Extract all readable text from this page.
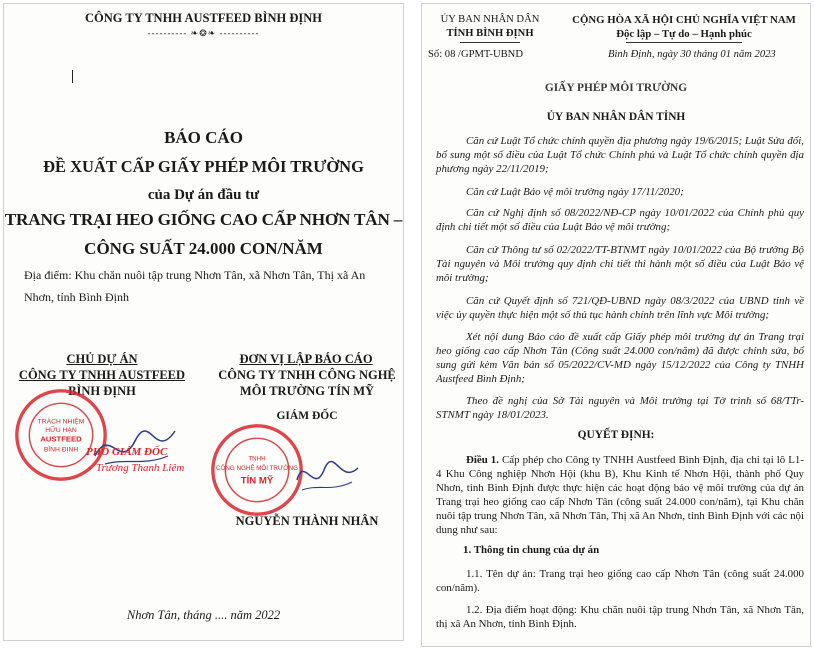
CÔNG TY TNHH AUSTFEED BÌNH ĐỊNH
---------- ❧❂❧ ----------
BÁO CÁO
ĐỀ XUẤT CẤP GIẤY PHÉP MÔI TRƯỜNG
của Dự án đầu tư
TRANG TRẠI HEO GIỐNG CAO CẤP NHƠN TÂN –
CÔNG SUẤT 24.000 CON/NĂM
Địa điểm: Khu chăn nuôi tập trung Nhơn Tân, xã Nhơn Tân, Thị xã An
Nhơn, tỉnh Bình Định
CHỦ DỰ ÁN
CÔNG TY TNHH AUSTFEED
BÌNH ĐỊNH
ĐƠN VỊ LẬP BÁO CÁO
CÔNG TY TNHH CÔNG NGHỆ
MÔI TRƯỜNG TÍN MỸ
GIÁM ĐỐC
TRÁCH NHIỆM
HỮU HẠN
AUSTFEED
BÌNH ĐỊNH PHÓ GIÁM ĐỐC
Trương Thanh Liêm
TNHH
CÔNG NGHỆ MÔI TRƯỜNG
TÍN MỸ
NGUYỄN THÀNH NHÂN
Nhơn Tân, tháng .... năm 2022
ỦY BAN NHÂN DÂN
TỈNH BÌNH ĐỊNH
CỘNG HÒA XÃ HỘI CHỦ NGHĨA VIỆT NAM
Độc lập – Tự do – Hạnh phúc
Số: 08 /GPMT-UBND	Bình Định, ngày 30 tháng 01 năm 2023
GIẤY PHÉP MÔI TRƯỜNG
ỦY BAN NHÂN DÂN TỈNH
Căn cứ Luật Tổ chức chính quyền địa phương ngày 19/6/2015; Luật Sửa đổi, bổ sung một số điều của Luật Tổ chức Chính phủ và Luật Tổ chức chính quyền địa phương ngày 22/11/2019;
Căn cứ Luật Bảo vệ môi trường ngày 17/11/2020;
Căn cứ Nghị định số 08/2022/NĐ-CP ngày 10/01/2022 của Chính phủ quy định chi tiết một số điều của Luật Bảo vệ môi trường;
Căn cứ Thông tư số 02/2022/TT-BTNMT ngày 10/01/2022 của Bộ trưởng Bộ Tài nguyên và Môi trường quy định chi tiết thi hành một số điều của Luật Bảo vệ môi trường;
Căn cứ Quyết định số 721/QĐ-UBND ngày 08/3/2022 của UBND tỉnh về việc ủy quyền thực hiện một số thủ tục hành chính trên lĩnh vực Môi trường;
Xét nội dung Báo cáo đề xuất cấp Giấy phép môi trường dự án Trang trại heo giống cao cấp Nhơn Tân (Công suất 24.000 con/năm) đã được chỉnh sửa, bổ sung gửi kèm Văn bản số 05/2022/CV-MD ngày 15/12/2022 của Công ty TNHH Austfeed Bình Định;
Theo đề nghị của Sở Tài nguyên và Môi trường tại Tờ trình số 68/TTr-STNMT ngày 18/01/2023.
QUYẾT ĐỊNH:
Điều 1. Cấp phép cho Công ty TNHH Austfeed Bình Định, địa chỉ tại lô L1-4 Khu Công nghiệp Nhơn Hội (khu B), Khu Kinh tế Nhơn Hội, thành phố Quy Nhơn, tỉnh Bình Định được thực hiện các hoạt động bảo vệ môi trường của dự án Trang trại heo giống cao cấp Nhơn Tân (công suất 24.000 con/năm), tại Khu chăn nuôi tập trung Nhơn Tân, xã Nhơn Tân, Thị xã An Nhơn, tỉnh Bình Định với các nội dung như sau:
1. Thông tin chung của dự án
1.1. Tên dự án: Trang trại heo giống cao cấp Nhơn Tân (công suất 24.000 con/năm).
1.2. Địa điểm hoạt động: Khu chăn nuôi tập trung Nhơn Tân, xã Nhơn Tân, thị xã An Nhơn, tỉnh Bình Định.
